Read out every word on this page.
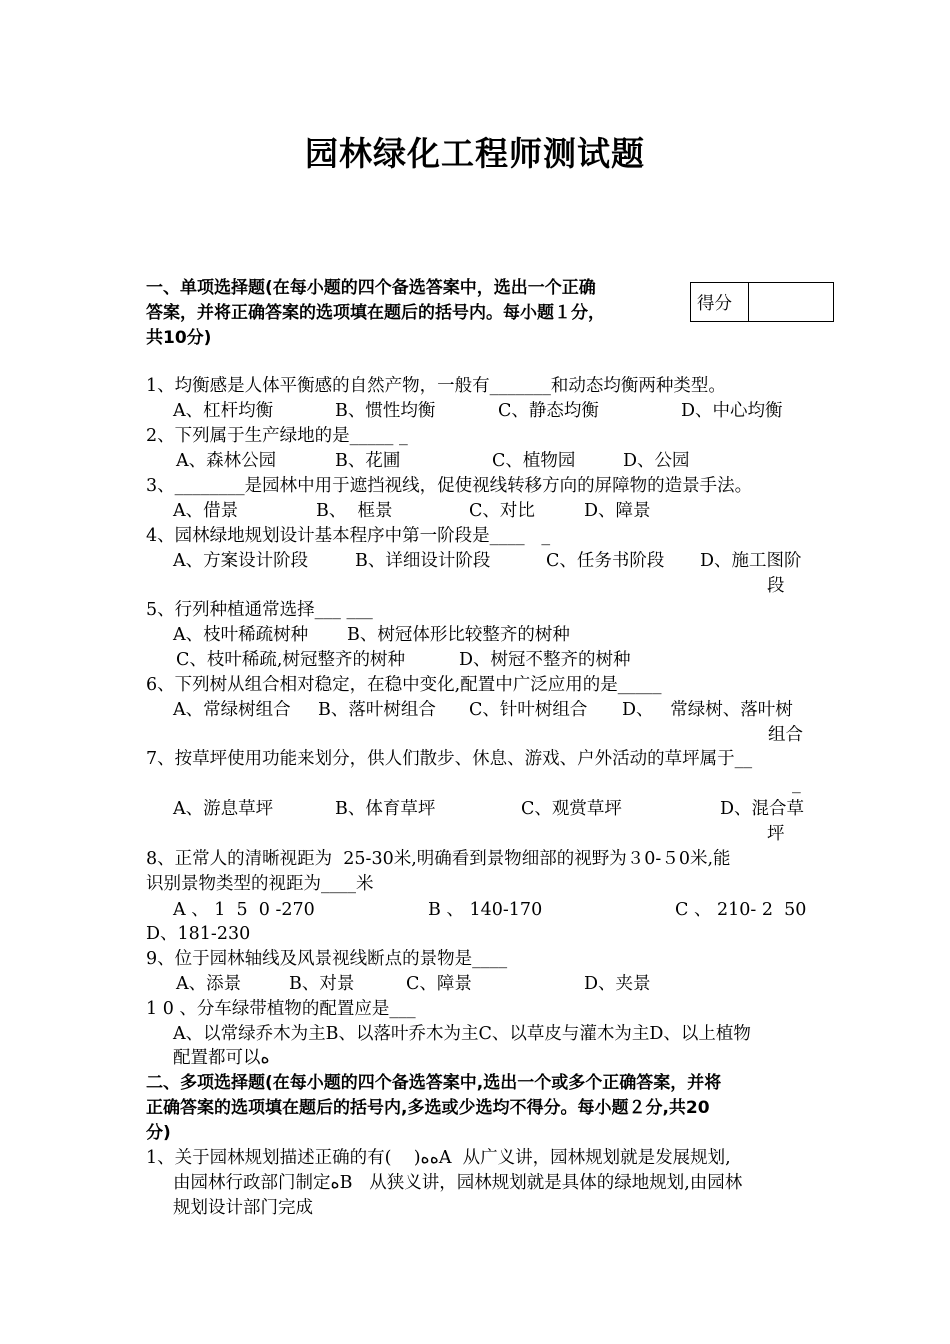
园林绿化工程师测试题
一、单项选择题(在每小题的四个备选答案中，选出一个正确
答案，并将正确答案的选项填在题后的括号内。每小题１分，
共10分)
得分
1、均衡感是人体平衡感的自然产物，一般有_______和动态均衡两种类型。
A、杠杆均衡	B、惯性均衡	C、静态均衡	D、中心均衡
2、下列属于生产绿地的是_____ _
A、森林公园	B、花圃	C、植物园	D、公园
3、________是园林中用于遮挡视线，促使视线转移方向的屏障物的造景手法。
A、借景	B、  框景	C、对比	D、障景
4、园林绿地规划设计基本程序中第一阶段是____   _
A、方案设计阶段	B、详细设计阶段	C、任务书阶段 D、施工图阶
段
5、行列种植通常选择___ ___
A、枝叶稀疏树种 B、树冠体形比较整齐的树种
C、枝叶稀疏,树冠整齐的树种	D、树冠不整齐的树种
6、下列树从组合相对稳定，在稳中变化,配置中广泛应用的是_____
A、常绿树组合 B、落叶树组合 C、针叶树组合 D、   常绿树、落叶树
组合
7、按草坪使用功能来划分，供人们散步、休息、游戏、户外活动的草坪属于__
_
A、游息草坪	B、体育草坪	C、观赏草坪	D、混合草
坪
8、正常人的清晰视距为  25-30米,明确看到景物细部的视野为３0-５0米,能
识别景物类型的视距为____米
A 、 1  5  0 -270	B 、 140-170	C 、 210- 2  50
D、181-230
9、位于园林轴线及风景视线断点的景物是____
A、添景	B、对景	C、障景	D、夹景
1 0 、分车绿带植物的配置应是___
A、以常绿乔木为主B、以落叶乔木为主C、以草皮与灌木为主D、以上植物
配置都可以ﻩ
二、多项选择题(在每小题的四个备选答案中,选出一个或多个正确答案，并将
正确答案的选项填在题后的括号内,多选或少选均不得分。每小题２分,共20
分)
1、关于园林规划描述正确的有(    )ﻩﻩA  从广义讲，园林规划就是发展规划,
由园林行政部门制定ﻩB   从狭义讲，园林规划就是具体的绿地规划,由园林
规划设计部门完成
